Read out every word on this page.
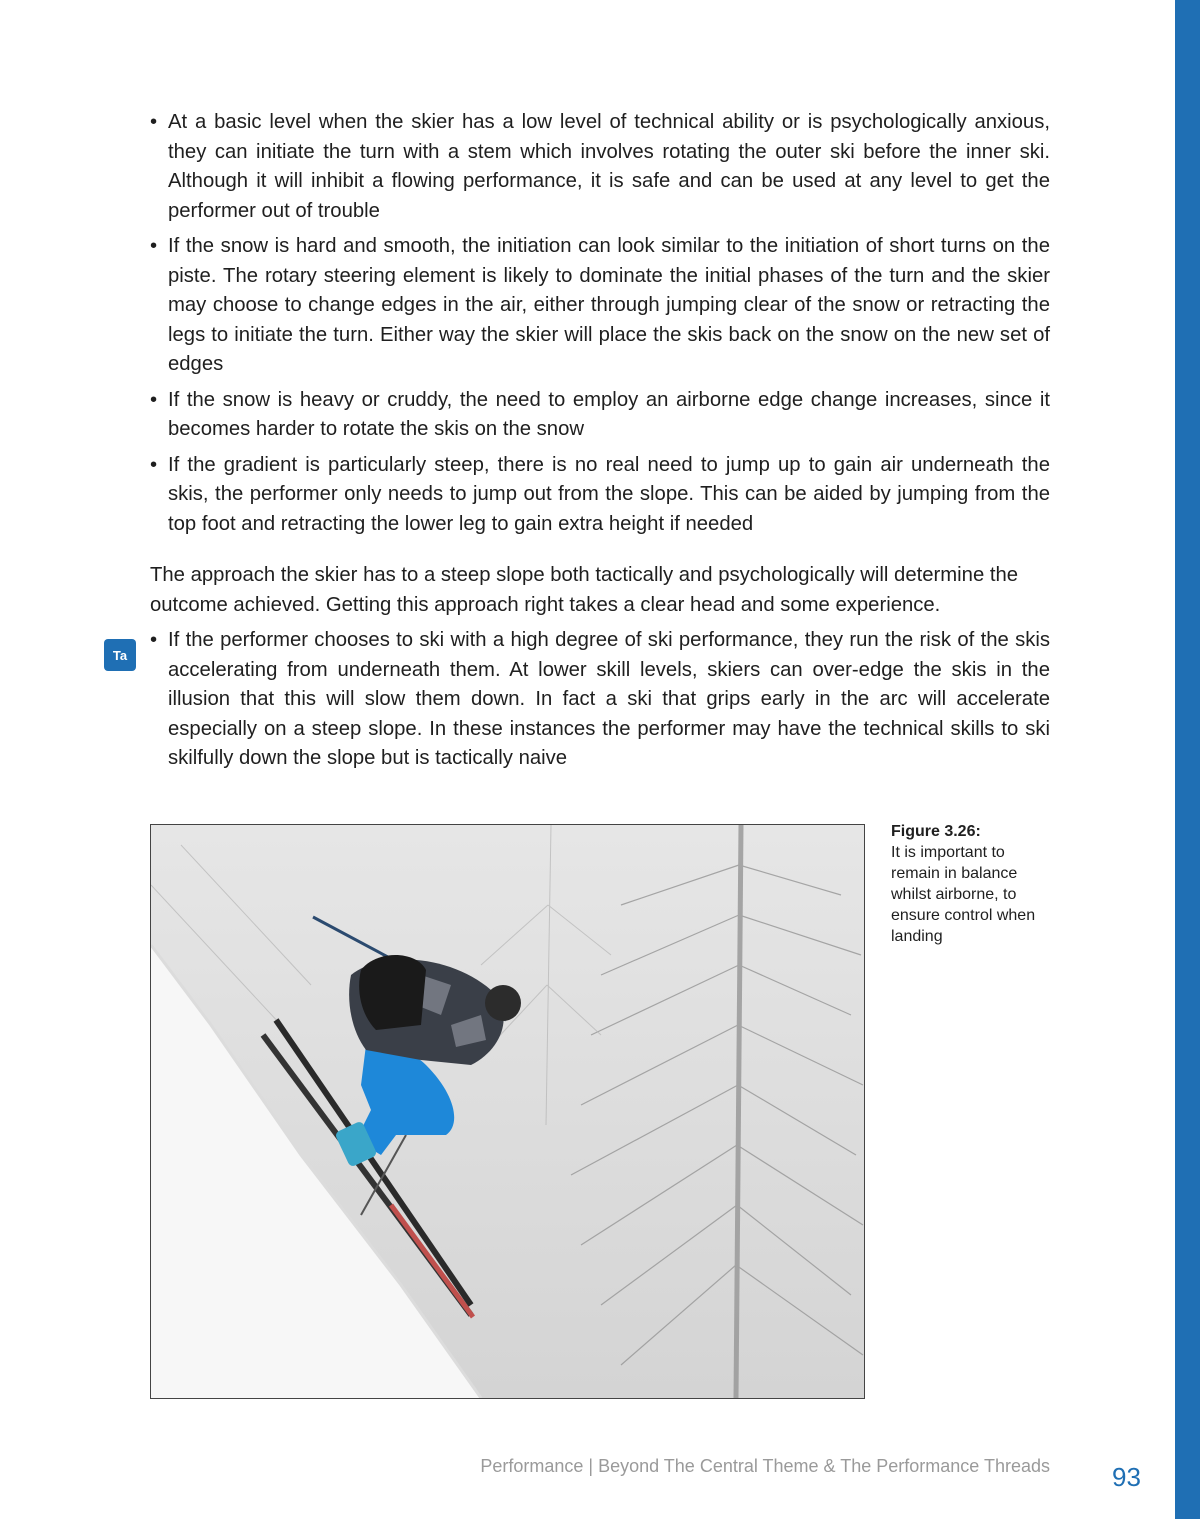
• At a basic level when the skier has a low level of technical ability or is psychologically anxious, they can initiate the turn with a stem which involves rotating the outer ski before the inner ski. Although it will inhibit a flowing performance, it is safe and can be used at any level to get the performer out of trouble
• If the snow is hard and smooth, the initiation can look similar to the initiation of short turns on the piste. The rotary steering element is likely to dominate the initial phases of the turn and the skier may choose to change edges in the air, either through jumping clear of the snow or retracting the legs to initiate the turn. Either way the skier will place the skis back on the snow on the new set of edges
• If the snow is heavy or cruddy, the need to employ an airborne edge change increases, since it becomes harder to rotate the skis on the snow
• If the gradient is particularly steep, there is no real need to jump up to gain air underneath the skis, the performer only needs to jump out from the slope. This can be aided by jumping from the top foot and retracting the lower leg to gain extra height if needed

The approach the skier has to a steep slope both tactically and psychologically will determine the outcome achieved. Getting this approach right takes a clear head and some experience.

• If the performer chooses to ski with a high degree of ski performance, they run the risk of the skis accelerating from underneath them. At lower skill levels, skiers can over-edge the skis in the illusion that this will slow them down. In fact a ski that grips early in the arc will accelerate especially on a steep slope. In these instances the performer may have the technical skills to ski skilfully down the slope but is tactically naive
Ta
Figure 3.26:
It is important to remain in balance whilst airborne, to ensure control when landing
Performance | Beyond The Central Theme & The Performance Threads 93
